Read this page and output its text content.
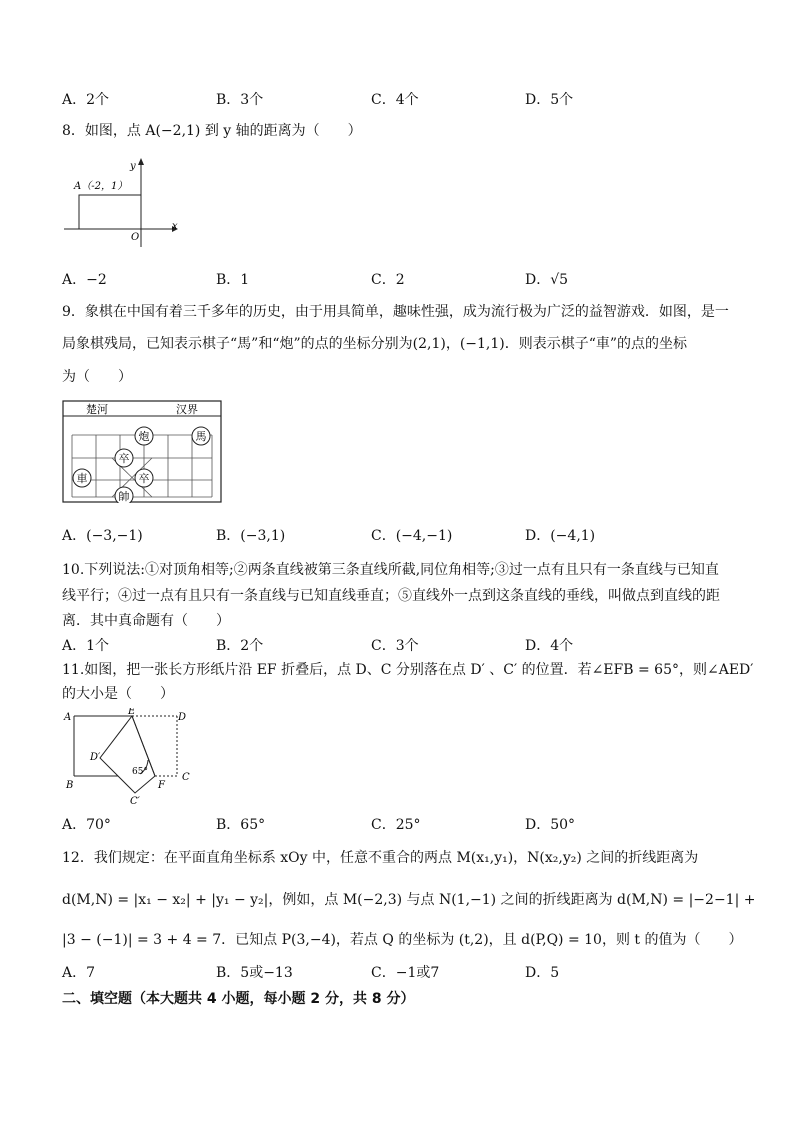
A．2个	B．3个	C．4个	D．5个
8．如图，点 A(−2,1) 到 y 轴的距离为（　　）
A（-2，1）
x
y
O
A．−2	B．1	C．2	D．√5
9．象棋在中国有着三千多年的历史，由于用具简单，趣味性强，成为流行极为广泛的益智游戏．如图，是一
局象棋残局，已知表示棋子“馬”和“炮”的点的坐标分别为(2,1)，(−1,1)．则表示棋子“車”的点的坐标
为（　　）
楚河	汉界
炮
卒
卒
車
帥
馬
A．(−3,−1)	B．(−3,1)	C．(−4,−1)	D．(−4,1)
10.下列说法:①对顶角相等;②两条直线被第三条直线所截,同位角相等;③过一点有且只有一条直线与已知直
线平行；④过一点有且只有一条直线与已知直线垂直；⑤直线外一点到这条直线的垂线，叫做点到直线的距
离．其中真命题有（　　）
A．1个	B．2个	C．3个	D．4个
11.如图，把一张长方形纸片沿 EF 折叠后，点 D、C 分别落在点 D′ 、C′ 的位置．若∠EFB = 65°，则∠AED′
的大小是（　　）
A
E
D
D′
65°	C
B	F
C′
A．70°	B．65°	C．25°	D．50°
12．我们规定：在平面直角坐标系 xOy 中，任意不重合的两点 M(x₁,y₁)，N(x₂,y₂) 之间的折线距离为
d(M,N) = |x₁ − x₂| + |y₁ − y₂|，例如，点 M(−2,3) 与点 N(1,−1) 之间的折线距离为 d(M,N) = |−2−1| +
|3 − (−1)| = 3 + 4 = 7．已知点 P(3,−4)，若点 Q 的坐标为 (t,2)，且 d(P,Q) = 10，则 t 的值为（　　）
A．7	B．5或−13	C．−1或7	D．5
二、填空题（本大题共 4 小题，每小题 2 分，共 8 分）
